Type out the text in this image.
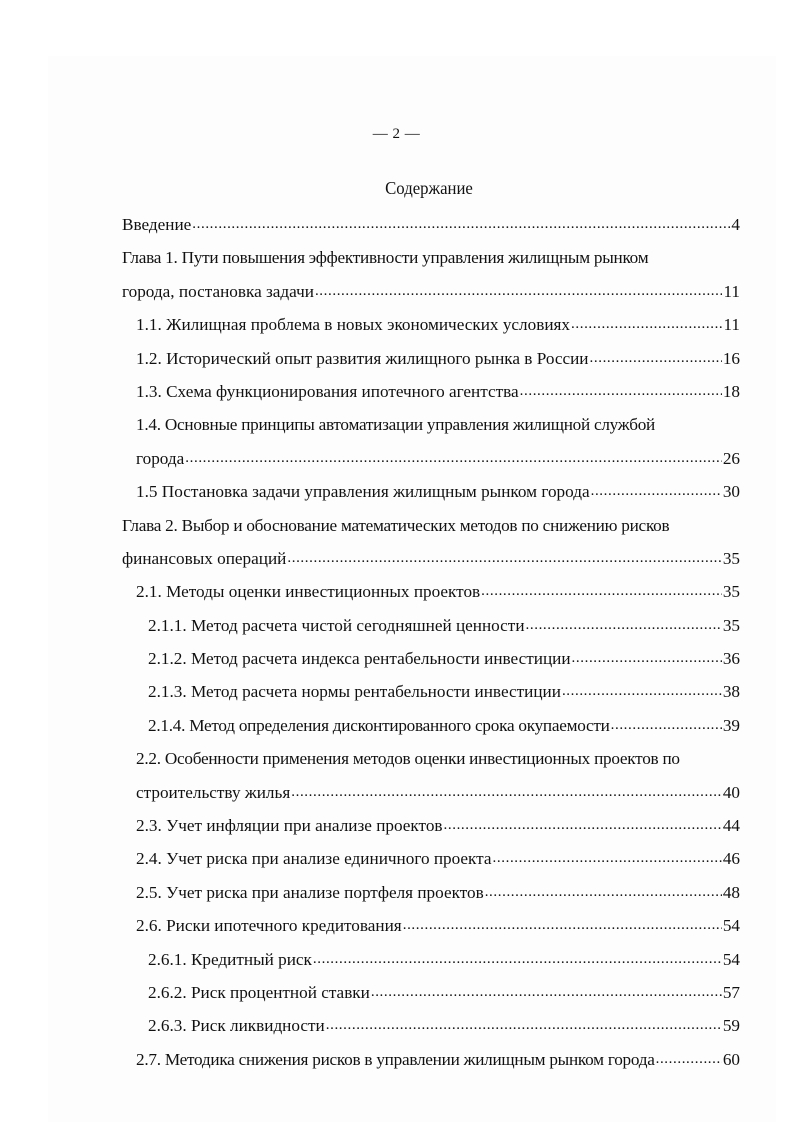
— 2 —
Содержание
Введение .....	4
Глава 1. Пути повышения эффективности управления жилищным рынком
города, постановка задачи .....	11
1.1. Жилищная проблема в новых экономических условиях .....	11
1.2. Исторический опыт развития жилищного рынка в России .....	16
1.3. Схема функционирования ипотечного агентства .....	18
1.4. Основные принципы автоматизации управления жилищной службой
города .....	26
1.5 Постановка задачи управления жилищным рынком города .....	30
Глава 2. Выбор и обоснование математических методов по снижению рисков
финансовых операций .....	35
2.1. Методы оценки инвестиционных проектов .....	35
2.1.1. Метод расчета чистой сегодняшней ценности .....	35
2.1.2. Метод расчета индекса рентабельности инвестиции .....	36
2.1.3. Метод расчета нормы рентабельности инвестиции .....	38
2.1.4. Метод определения дисконтированного срока окупаемости .....	39
2.2. Особенности применения методов оценки инвестиционных проектов по
строительству жилья .....	40
2.3. Учет инфляции при анализе проектов .....	44
2.4. Учет риска при анализе единичного проекта .....	46
2.5. Учет риска при анализе портфеля проектов .....	48
2.6. Риски ипотечного кредитования .....	54
2.6.1. Кредитный риск .....	54
2.6.2. Риск процентной ставки .....	57
2.6.3. Риск ликвидности .....	59
2.7. Методика снижения рисков в управлении жилищным рынком города .....	60
